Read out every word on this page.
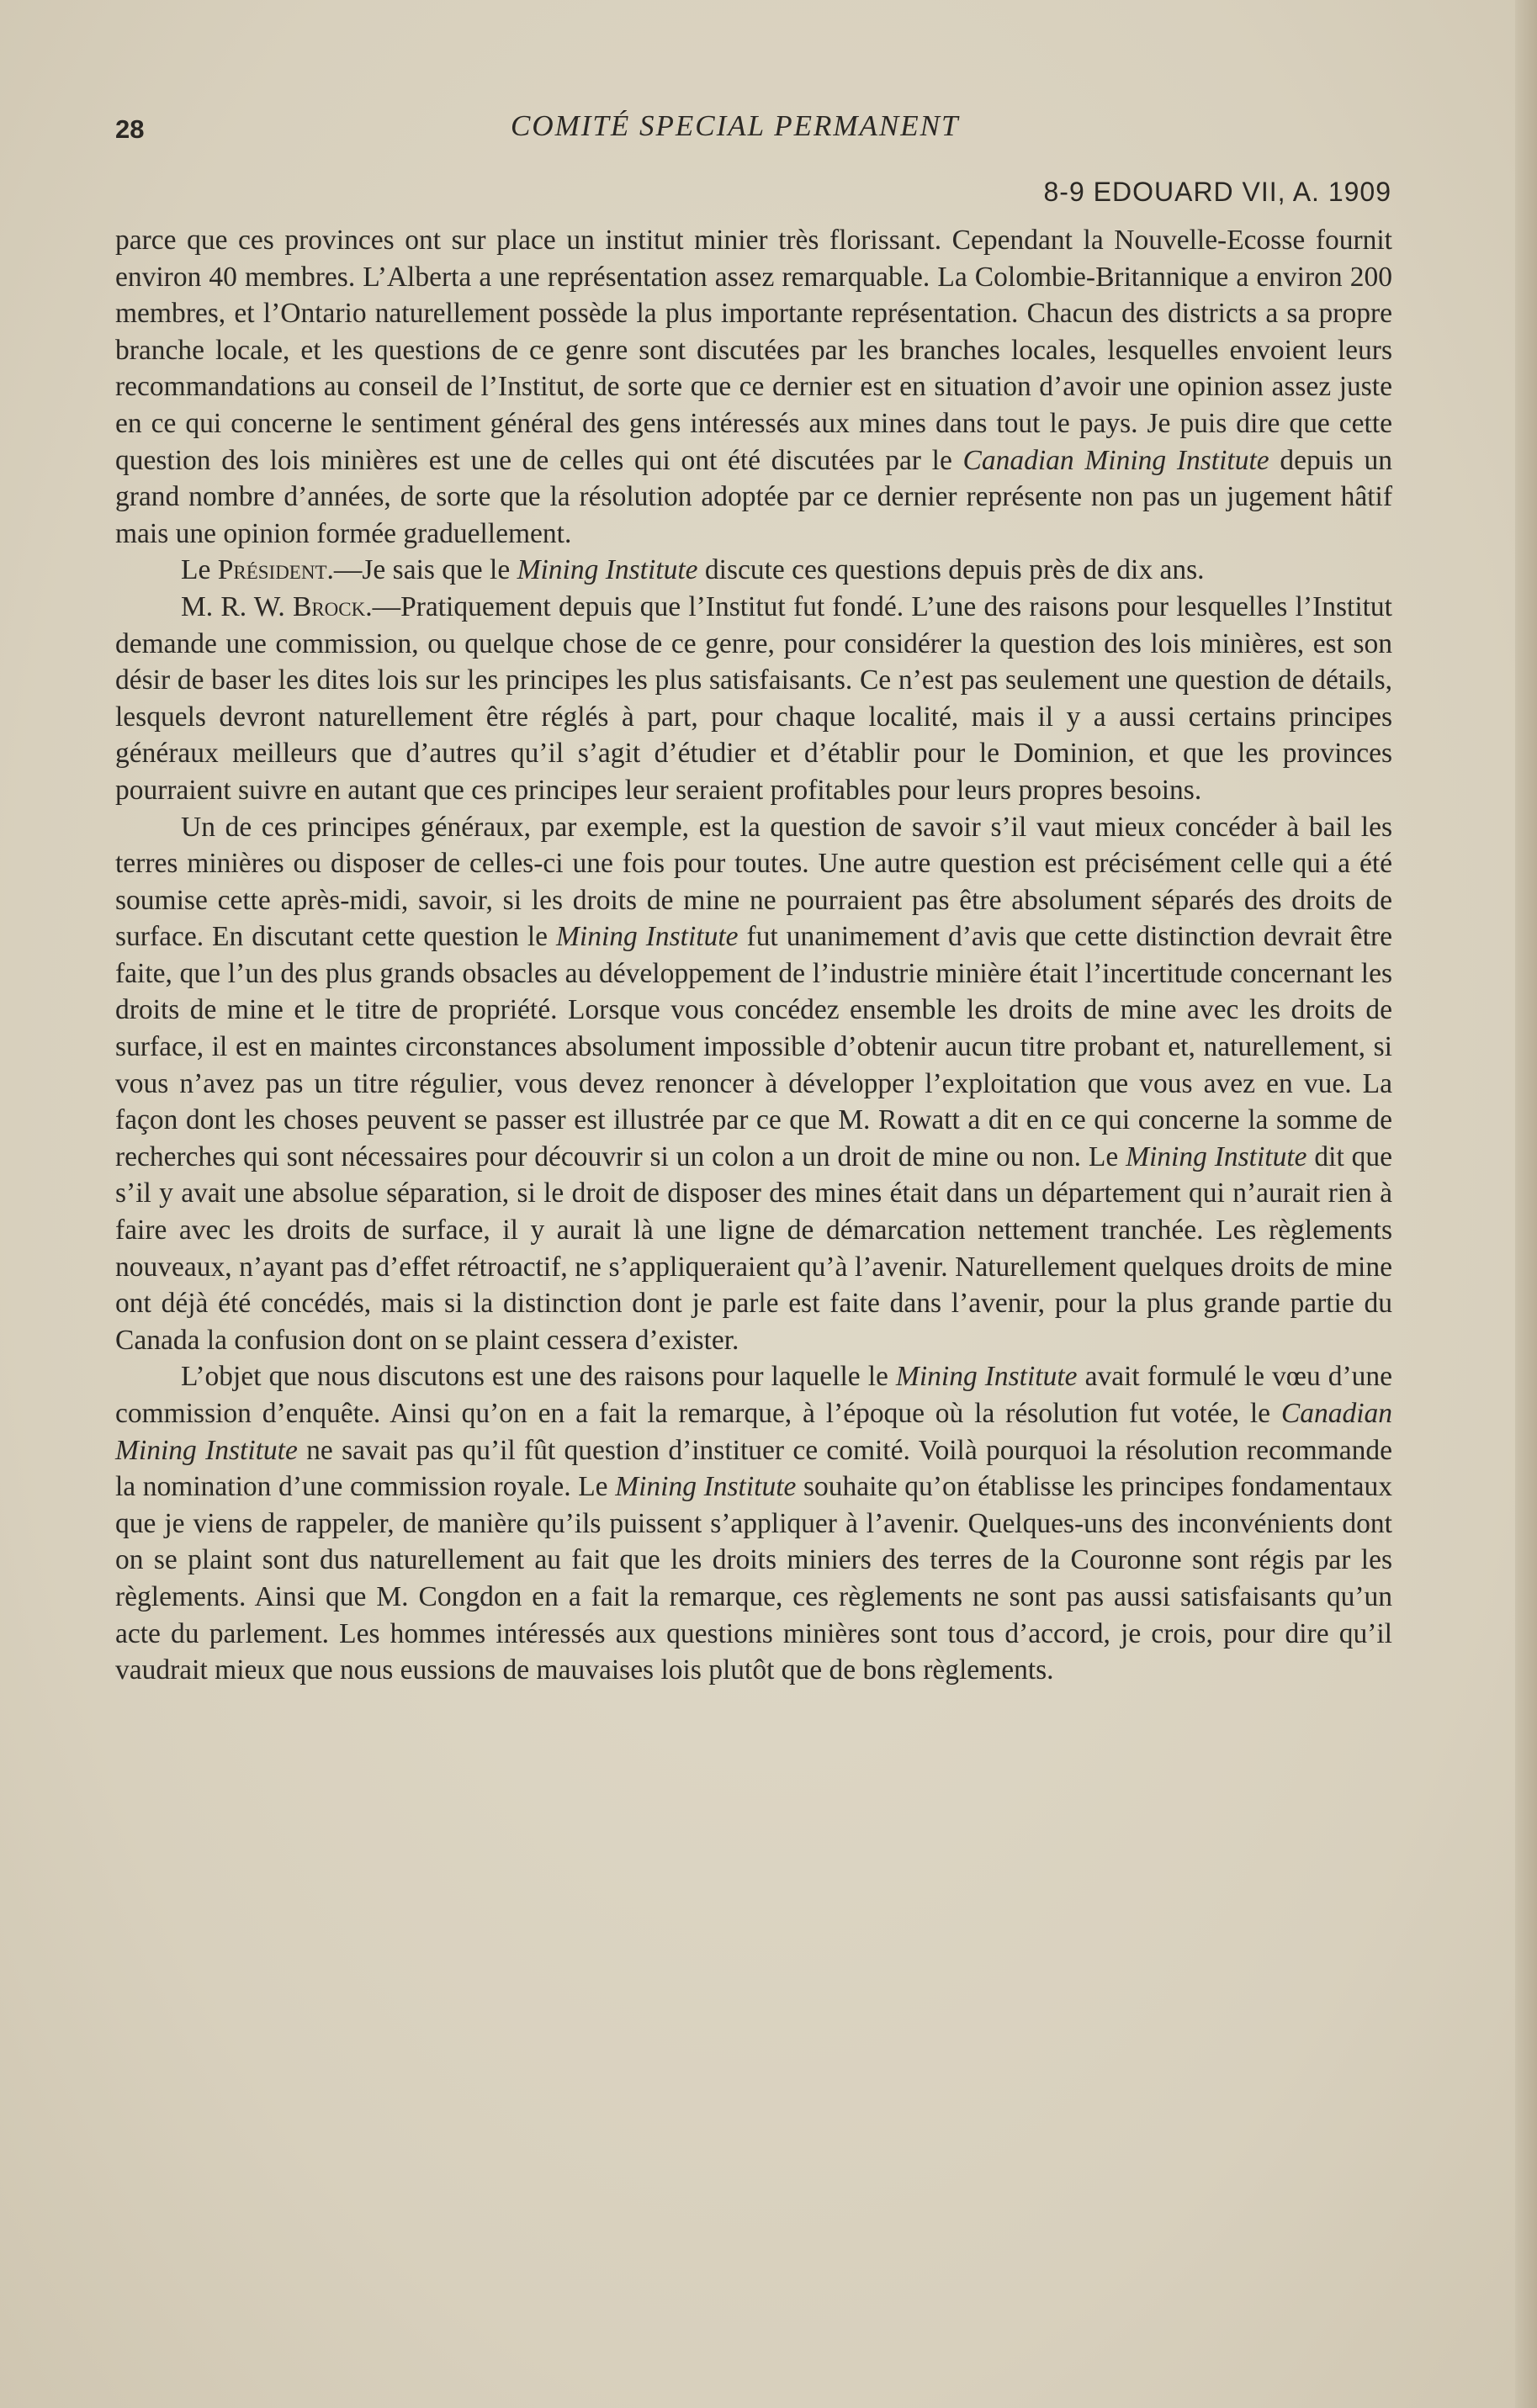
28	COMITÉ SPECIAL PERMANENT
8-9 EDOUARD VII, A. 1909

parce que ces provinces ont sur place un institut minier très florissant. Cependant la Nouvelle-Ecosse fournit environ 40 membres. L’Alberta a une représentation assez remarquable. La Colombie-Britannique a environ 200 membres, et l’Ontario naturellement possède la plus importante représentation. Chacun des districts a sa propre branche locale, et les questions de ce genre sont discutées par les branches locales, lesquelles envoient leurs recommandations au conseil de l’Institut, de sorte que ce dernier est en situation d’avoir une opinion assez juste en ce qui concerne le sentiment général des gens intéressés aux mines dans tout le pays. Je puis dire que cette question des lois minières est une de celles qui ont été discutées par le Canadian Mining Institute depuis un grand nombre d’années, de sorte que la résolution adoptée par ce dernier représente non pas un jugement hâtif mais une opinion formée graduellement.

Le Président.—Je sais que le Mining Institute discute ces questions depuis près de dix ans.

M. R. W. Brock.—Pratiquement depuis que l’Institut fut fondé. L’une des raisons pour lesquelles l’Institut demande une commission, ou quelque chose de ce genre, pour considérer la question des lois minières, est son désir de baser les dites lois sur les principes les plus satisfaisants. Ce n’est pas seulement une question de détails, lesquels devront naturellement être réglés à part, pour chaque localité, mais il y a aussi certains principes généraux meilleurs que d’autres qu’il s’agit d’étudier et d’établir pour le Dominion, et que les provinces pourraient suivre en autant que ces principes leur seraient profitables pour leurs propres besoins.

Un de ces principes généraux, par exemple, est la question de savoir s’il vaut mieux concéder à bail les terres minières ou disposer de celles-ci une fois pour toutes. Une autre question est précisément celle qui a été soumise cette après-midi, savoir, si les droits de mine ne pourraient pas être absolument séparés des droits de surface. En discutant cette question le Mining Institute fut unanimement d’avis que cette distinction devrait être faite, que l’un des plus grands obsacles au développement de l’industrie minière était l’incertitude concernant les droits de mine et le titre de propriété. Lorsque vous concédez ensemble les droits de mine avec les droits de surface, il est en maintes circonstances absolument impossible d’obtenir aucun titre probant et, naturellement, si vous n’avez pas un titre régulier, vous devez renoncer à développer l’exploitation que vous avez en vue. La façon dont les choses peuvent se passer est illustrée par ce que M. Rowatt a dit en ce qui concerne la somme de recherches qui sont nécessaires pour découvrir si un colon a un droit de mine ou non. Le Mining Institute dit que s’il y avait une absolue séparation, si le droit de disposer des mines était dans un département qui n’aurait rien à faire avec les droits de surface, il y aurait là une ligne de démarcation nettement tranchée. Les règlements nouveaux, n’ayant pas d’effet rétroactif, ne s’appliqueraient qu’à l’avenir. Naturellement quelques droits de mine ont déjà été concédés, mais si la distinction dont je parle est faite dans l’avenir, pour la plus grande partie du Canada la confusion dont on se plaint cessera d’exister.

L’objet que nous discutons est une des raisons pour laquelle le Mining Institute avait formulé le vœu d’une commission d’enquête. Ainsi qu’on en a fait la remarque, à l’époque où la résolution fut votée, le Canadian Mining Institute ne savait pas qu’il fût question d’instituer ce comité. Voilà pourquoi la résolution recommande la nomination d’une commission royale. Le Mining Institute souhaite qu’on établisse les principes fondamentaux que je viens de rappeler, de manière qu’ils puissent s’appliquer à l’avenir. Quelques-uns des inconvénients dont on se plaint sont dus naturellement au fait que les droits miniers des terres de la Couronne sont régis par les règlements. Ainsi que M. Congdon en a fait la remarque, ces règlements ne sont pas aussi satisfaisants qu’un acte du parlement. Les hommes intéressés aux questions minières sont tous d’accord, je crois, pour dire qu’il vaudrait mieux que nous eussions de mauvaises lois plutôt que de bons règlements.
